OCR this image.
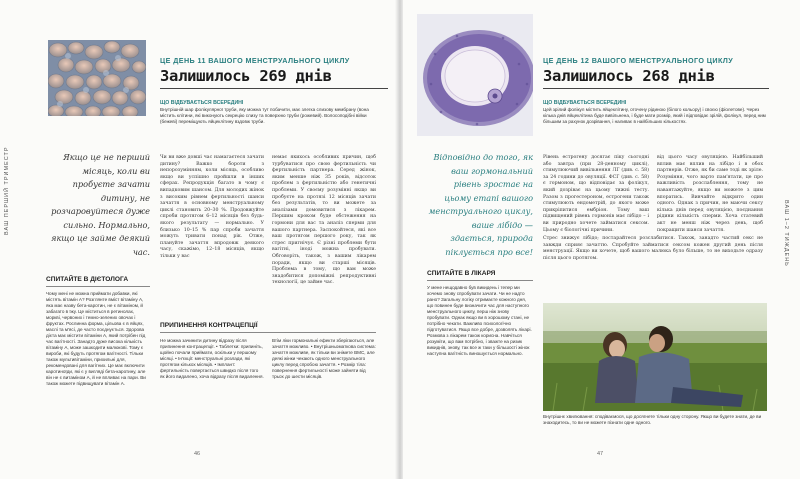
ЦЕ ДЕНЬ 11 ВАШОГО МЕНСТРУАЛЬНОГО ЦИКЛУ
Залишилось 269 днів
ЩО ВІДБУВАЄТЬСЯ ВСЕРЕДИНІ
Внутрішній шар фолікулярної труби, яку можна тут побачити, має злегка слизову мембрану (вона містить клітини, які виконують секрецію слизу та поверхню труби (рожевий). Волосоподібні війки (бежеві) переміщують яйцеклітину вздовж труби.
Якщо це не перший місяць, коли ви пробуєте зачати дитину, не розчаровуйтеся дуже сильно. Нормально, якщо це займе деякий час.
Чи ви вже довші час намагаєтеся зачати дитину? Важко бороти з непорозумінням, коли місяць, особливо якщо ви успішно пройшли в інших сферах. Репродукція багато в чому є випадковим шансом. Для молодих жінок з високим рівнем фертильності шанси зачаття в основному менструальному циклі становить 20–30 %. Продовжуйте спроби протягом 6–12 місяців без будь-якого результату — нормально. У близько 10–15 % пар спроби зачаття можуть тривати понад рік. Отже, плануйте зачаття впродовж деякого часу, скажімо, 12–18 місяців, якщо тільки у вас
немає якихось особливих причин, щоб турбуватися про свою фертильність чи фертильність партнера. Серед жінок, яким менше ніж 35 років, відсоток проблем з фертильністю або генетичні проблеми. У своєму розумінні якщо ви пробуєте на протязі 12 місяців зачати без результатів, то ви можете за аналізами домовитися з лікарем. Першим кроком буде обстеження на гормони для вас та аналіз сперми для вашого партнера. Заспокойтеся, які все ваш протягом першого року, так як стрес пригнічує. Є різні проблеми бути вагітні, іноді можна пробувати. Обговоріть, також, з вашим лікарем поради, якщо ви старші місяців. Проблема в тому, що вам може знадобитися допоміжні репродуктивні технології, це займе час.
ВАШ ПЕРШИЙ ТРИМЕСТР
СПИТАЙТЕ В ДІЄТОЛОГА
Чому мені не можна приймати добавки, які містять вітамін А? Розглянте вміст вітаміну A, яка має назву бета-каротин, не є вітаміном, й забагато в їжу. Це міститься в ретинолах, моркві, червоних і темно-зелених овочах і фруктах. Рослинна форма, цільова є в яйцях, маслі та м'ясі, де часто поєднується. Здорова дієта має містити вітаміни А, який потрібен під час вагітності. Занадто дуже висока кількість вітаміну А, може зашкодити малюкові. Тому є вироби, які будуть протягом вагітності. Тільки також мультивітаміни, прихильні для, рекомендовані для вагітних. Це має включити каротиноїди, які є у вигляді бета-каротину, але він не є витаміном А, й не впливає на пари. Ви також можете підвищувати вітамін А.
ПРИПИНЕННЯ КОНТРАЦЕПЦІЇ
Не можна зачинити дитину відразу після припинення контрацепції. • Таблетки: припиніть, щойно почали приймати, оскільки у першому місяці. • Ін'єкції: менструальні розлади, які протягом кількох місяців. • Імплант: фертильність повертається швидко після того як його видалено, хоча відразу після видалення.
Втім ліки гормональні ефекти зберігаються, але зачаття можливо. • Внутрішньоматкова система: зачаття можливе, як тільки ви знімете ВМС, але деякі жінки чекають одного менструального циклу перед спробою зачаття. • Розмір тіла: повернення фертильності може зайняти від трьох до шести місяців.
46
ЦЕ ДЕНЬ 12 ВАШОГО МЕНСТРУАЛЬНОГО ЦИКЛУ
Залишилось 268 днів
ЩО ВІДБУВАЄТЬСЯ ВСЕРЕДИНІ
Цей зрілий фолікул містить яйцеклітину, оточену рідиною (білого кольору) і своєю (фіолетове). Через кілька днів яйцеклітина буде вивільнена, і буде мати розмір, який і відповідає зрілій, фолікул, перед ним більшим за рахунок дозрівання, і наливає в найбільших кількостях.
Відповідно до того, як ваш гормональний рівень зростає на цьому етапі вашого менструального циклу, ваше лібідо — здається, природа піклується про все!
Рівень естрогену досягає піку сьогодні або завтра (при 28-денному циклі), стимулюючий вивільнення ЛГ (див. с. 58) за 24 години до овуляції. ФСГ (див. с. 58) є гормоном, що відповідає за фолікул, який дозріває на цьому тижні тесту. Разом з прогестероном, естрогени також стимулюють ендометрій, до якого може прикріпитися ембріон. Тому ваш підвищений рівень гормонів має лібідо – і ви природно хочете займатися сексом. Цьому є біологічні причини.
від цього часу овуляцією. Найбільший вплив має вплив на лібідо і в обох партнерів. Отже, як би саме тоді як зріле. Розуміння, чого варто пам'ятати, це про важливість розслаблення, тому не навантажуйте, якщо ви можете з цим впоратись. Вивчайте відкрито один одного. Однак з причин, не маючи сексу кілька днів перед овуляцією, поєднання рідини кількість сперми. Хоча статевий акт не менш ніж через день, щоб покращити шанси зачаття.
Стрес знижує лібідо; постарайтеся розслабитися. Також, занадто частий секс не завжди сприяє зачаттю. Спробуйте займатися сексом кожен другий день після менструації. Якщо ви хочете, щоб вашого малюка було більше, то не виходьте одразу після цього протягом.	ВАШ 1–2 ТИЖДЕНЬ
СПИТАЙТЕ В ЛІКАРЯ
У мене нещодавно був викидень і тепер ми хочемо знову спробувати зачати. Чи не надто рано? Загальну логіку отримаєте кожного дня, що повинен буде визначити час для наступного менструального циклу, перш ніж знову пробувати. Однак якщо ви в хорошому стані, не потрібно чекати. Важливо психологічно підготуватися. Якщо все добре, дозволять лікарі. Розмова з лікарем також корисна. Навчіться розуміти, що вам потрібно, і зважте на ризик викиднів, знову, так все ж таки у більшості жінок наступна вагітність виношується нормально.
Внутрішнє хвилювання: сподіваємося, що досягнете тільки одну сторону. Якщо ви будете знати, де ви знаходитесь, то ви не можете пізнати одне одного.
47
